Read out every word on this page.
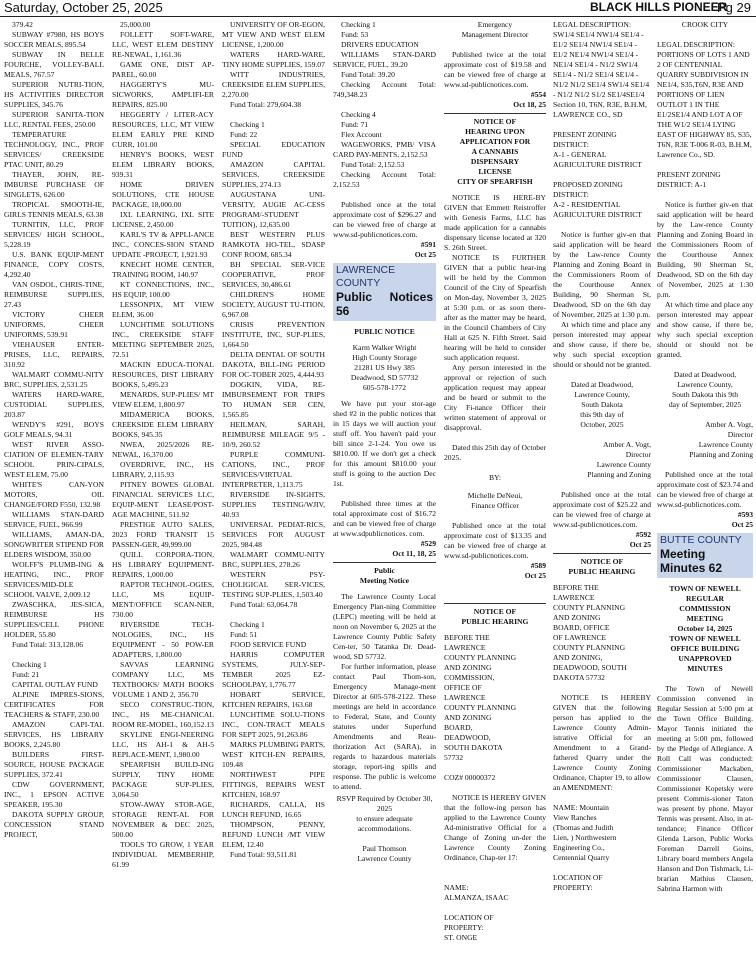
Saturday, October 25, 2025	BLACK HILLS PIONEER
Pg 29

379.42

SUBWAY #7980, HS BOYS SOCCER MEALS, 895.54

SUBWAY IN BELLE FOURCHE, VOLLEY-BALL MEALS, 767.57

SUPERIOR NUTRI-TION, HS ACTIVITIES DIRECTOR SUPPLIES, 345.76

SUPERIOR SANITA-TION LLC, RENTAL FEES, 250.00

TEMPERATURE TECHNOLOGY, INC., PROF SERVICES/ CREEKSIDE PTAC UNIT, 80.29

THAYER, JOHN, RE-IMBURSE PURCHASE OF SINGLETS, 626.00

TROPICAL SMOOTH-IE, GIRLS TENNIS MEALS, 63.38

TURNITIN, LLC, PROF SERVICES/ HIGH SCHOOL, 5,228.19

U.S. BANK EQUIP-MENT FINANCE, COPY COSTS, 4,292.40

VAN OSDOL, CHRIS-TINE, REIMBURSE SUPPLIES, 27.43

VICTORY CHEER UNIFORMS, CHEER UNIFORMS, 539.91

VIEHAUSER ENTER-PRISES, LLC, REPAIRS, 310.92

WALMART COMMU-NITY BRC, SUPPLIES, 2,531.25

WATERS HARD-WARE, CUSTODIAL SUPPLIES, 203.87

WENDY'S #291, BOYS GOLF MEALS, 94.31

WEST RIVER ASSO-CIATION OF ELEMEN-TARY SCHOOL PRIN-CIPALS, WEST ELEM, 75.00

WHITE'S CAN-YON MOTORS, OIL CHANGE/FORD F550, 132.98

WILLIAMS STAN-DARD SERVICE, FUEL, 966.99

WILLIAMS, AMAN-DA, SONGWRITER STIPEND FOR ELDERS WISDOM, 350.00

WOLFF'S PLUMB-ING & HEATING, INC., PROF SERVICES/MID-DLE SCHOOL VALVE, 2,009.12

ZWASCHKA, JES-SICA, REIMBURSE HS SUPPLIES/CELL PHONE HOLDER, 55.80

Fund Total: 313,128.06

Checking 1

Fund: 21

CAPITAL OUTLAY FUND

ALPINE IMPRES-SIONS, CERTIFICATES FOR TEACHERS & STAFF, 230.00

AMAZON CAPI-TAL SERVICES, HS LIBRARY BOOKS, 2,245.80

BUILDERS FIRST-SOURCE, HOUSE PACKAGE SUPPLIES, 372.41

CDW GOVERNMENT, INC., 1 EPSON ACTIVE SPEAKER, 195.30

DAKOTA SUPPLY GROUP, CONCESSION STAND PROJECT,

25,000.00

FOLLETT SOFT-WARE, LLC, WEST ELEM DESTINY RE-NEWAL, 1,161.36

GAME ONE, DIST AP-PAREL, 60.00

HAGGERTY'S MU-SICWORKS, AMPLIFI-ER REPAIRS, 825.00

HEGGERTY / LITER-ACY RESOURCES, LLC, MT VIEW ELEM EARLY PRE KIND CURR, 101.00

HENRY'S BOOKS, WEST ELEM LIBRARY BOOKS, 939.31

HOME DRIVEN SOLUTIONS, CTE HOUSE PACKAGE, 18,000.00

IXL LEARNING, IXL SITE LICENSE, 2,450.00

KARL'S TV & APPLI-ANCE INC., CONCES-SION STAND UPDATE -PROJECT, 1,921.93

KNECHT HOME CENTER, TRAINING ROOM, 140.97

KT CONNECTIONS, INC., HS EQUIP, 100.00

LESSONPIX, MT VIEW ELEM, 36.00

LUNCHTIME SOLUTIONS INC., CREEKSIDE STAFF MEETING SEPTEMBER 2025, 72.51

MACKIN EDUCA-TIONAL RESOURCES, DIST LIBRARY BOOKS, 5,495.23

MENARDS, SUP-PLIES/ MT VIEW ELEM, 1,800.97

MIDAMERICA BOOKS, CREEKSIDE ELEM LIBRARY BOOKS, 945.35

NWEA, 2025/2026 RE-NEWAL, 16,370.00

OVERDRIVE, INC., HS LIBRARY, 2,115.93

PITNEY BOWES GLOBAL FINANCIAL SERVICES LLC, EQUIP-MENT LEASE/POST-AGE MACHINE, 511.92

PRESTIGE AUTO SALES, 2023 FORD TRANSIT 15 PASSEN-GER, 49,999.00

QUILL CORPORA-TION, HS LIBRARY EQUIPMENT-REPAIRS, 1,000.00

RAPTOR TECHNOL-OGIES, LLC, MS EQUIP-MENT/OFFICE SCAN-NER, 730.00

RIVERSIDE TECH-NOLOGIES, INC., HS EQUIPMENT - 50 POW-ER ADAPTERS, 1,800.00

SAVVAS LEARNING COMPANY LLC, MS TEXTBOOKS/ MATH BOOKS VOLUME 1 AND 2, 356.70

SECO CONSTRUC-TION, INC., HS ME-CHANICAL ROOM RE-MODEL, 160,152.13

SKYLINE ENGI-NEERING LLC, HS AH-1 & AH-5 REPLACE-MENT, 1,980.00

SPEARFISH BUILD-ING SUPPLY, TINY HOME PACKAGE SUP-PLIES, 3,064.50

STOW-AWAY STOR-AGE, STORAGE RENT-AL FOR NOVEMBER & DEC 2025, 500.00

TOOLS TO GROW, 1 YEAR INDIVIDUAL MEMBERHIP, 61.99

UNIVERSITY OF OR-EGON, MT VIEW AND WEST ELEM LICENSE, 1,200.00

WATERS HARD-WARE, TINY HOME SUPPLIES, 159.07

WITT INDUSTRIES, CREEKSIDE ELEM SUPPLIES, 2,270.00

Fund Total: 279,604.38

Checking 1

Fund: 22

SPECIAL EDUCATION FUND

AMAZON CAPITAL SERVICES, CREEKSIDE SUPPLIES, 274.13

AUGUSTANA UNI-VERSITY, AUGIE AC-CESS PROGRAM/-STUDENT TUITION), 12,635.00

BEST WESTERN PLUS RAMKOTA HO-TEL, SDASP CONF ROOM, 685.34

BH SPECIAL SER-VICE COOPERATIVE, PROF SERVICES, 30,486.61

CHILDREN'S HOME SOCIETY, AUGUST TU-ITION, 6,967.08

CRISIS PREVENTION INSTITUTE, INC, SUP-PLIES, 1,664.50

DELTA DENTAL OF SOUTH DAKOTA, BILL-ING PERIOD FOR OC-TOBER 2025, 4,444.93

DOGKIN, VIDA, RE-IMBURSEMENT FOR TRIPS TO HUMAN SER CEN, 1,565.85

HEILMAN, SARAH, REIMBURSE MILEAGE 9/5 - 10/9, 260.52

PURPLE COMMUNI-CATIONS, INC., PROF SERVICES/VIRTUAL INTERPRETER, 1,113.75

RIVERSIDE IN-SIGHTS, SUPPLIES TESTING/WJIV, 40.93

UNIVERSAL PEDIAT-RICS, SERVICES FOR AUGUST 2025, 984.48

WALMART COMMU-NITY BRC, SUPPLIES, 278.26

WESTERN PSY-CHOLIGICAL SER-VICES, TESTING SUP-PLIES, 1,503.40

Fund Total: 63,064.78

Checking 1

Fund: 51

FOOD SERVICE FUND

HARRIS COMPUTER SYSTEMS, JULY-SEP-TEMBER 2025 EZ-SCHOOLPAY, 1,776.77

HOBART SERVICE, KITCHEN REPAIRS, 163.68

LUNCHTIME SOLU-TIONS INC., CON-TRACT MEALS FOR SEPT 2025, 91,263.86

MARKS PLUMBING PARTS, WEST KITCH-EN REPAIRS, 109.48

NORTHWEST PIPE FITTINGS, REPAIRS WEST KITCHEN, 168.97

RICHARDS, CALLA, HS LUNCH REFUND, 16.65

THOMPSON, PENNY, REFUND LUNCH /MT VIEW ELEM, 12.40

Fund Total: 93,511.81

Checking 1

Fund: 53

DRIVERS EDUCATION

WILLIAMS STAN-DARD SERVICE, FUEL, 39.20

Fund Total: 39.20

Checking Account Total: 749,348.23

Checking 4

Fund: 71

Flex Account

WAGEWORKS, PMB/ VISA CARD PAY-MENTS, 2,152.53

Fund Total: 2,152.53

Checking Account Total: 2,152.53

Published once at the total approximate cost of $296.27 and can be viewed free of charge at www.sd-publicnotices.com.

#591

Oct 25

LAWRENCE COUNTY
Public Notices 56

PUBLIC NOTICE

Karm Walker Wright
High County Storage
21281 US Hwy 385
Deadwood, SD 57732
605-578-1772

We have put your stor-age shed #2 in the public notices that in 15 days we will auction your stuff off. You haven't paid your bill since 2-1-24. You owe us $810.00. If we don't get a check for this amount $810.00 your stuff is going to the auction Dec 1st.

Published three times at the total approximate cost of $16.72 and can be viewed free of charge at www.sdpublicnotices. com.

#529

Oct 11, 18, 25

Public
Meeting Notice

The Lawrence County Local Emergency Plan-ning Committee (LEPC) meeting will be held at noon on November 6, 2025 at the Lawrence County Public Safety Cen-ter, 50 Tatanka Dr. Dead-wood, SD 57732.

For further information, please contact Paul Thom-son, Emergency Manage-ment Director at 605-578-2122. These meetings are held in accordance to Federal, State, and County statutes under Superfund Amendments and Reau-thorization Act (SARA), in regards to hazardous materials storage, report-ing spills and response. The public is welcome to attend.

RSVP Required by October 30, 2025
to ensure adequate accommodations.

Paul Thomson
Lawrence County

Emergency
Management Director

Published twice at the total approximate cost of $19.58 and can be viewed free of charge at www.sd-publicnotices.com.

#554

Oct 18, 25

NOTICE OF
HEARING UPON
APPLICATION FOR
A CANNABIS
DISPENSARY
LICENSE
CITY OF SPEARFISH

NOTICE IS HERE-BY GIVEN that Emmett Reistroffer with Genesis Farms, LLC has made application for a cannabis dispensary license located at 320 S. 26th Street.

NOTICE IS FURTHER GIVEN that a public hear-ing will be held by the Common Council of the City of Spearfish on Mon-day, November 3, 2025 at 5:30 p.m. or as soon there-after as the matter may be heard, in the Council Chambers of City Hall at 625 N. Fifth Street. Said hearing will be held to consider such application request.

Any person interested in the approval or rejection of such application request may appear and be heard or submit to the City Fi-nance Officer their written statement of approval or disapproval.

Dated this 25th day of October 2025.

BY:

Michelle DeNeui,
Finance Officer

Published once at the total approximate cost of $13.35 and can be viewed free of charge at www.sd-publicnotices.com.

#589

Oct 25

NOTICE OF
PUBLIC HEARING

BEFORE THE
LAWRENCE
COUNTY PLANNING
AND ZONING
COMMISSION,
OFFICE OF
LAWRENCE
COUNTY PLANNING
AND ZONING
BOARD,
DEADWOOD,
SOUTH DAKOTA
57732

COZ# 00000372

NOTICE IS HEREBY GIVEN that the follow-ing person has applied to the Lawrence County Ad-ministrative Official for a Change of Zoning un-der the Lawrence County Zoning Ordinance, Chap-ter 17:

NAME:
ALMANZA, ISAAC

LOCATION OF
PROPERTY:
ST. ONGE

LEGAL DESCRIPTION: SW1/4 SE1/4 NW1/4 SE1/4 - E1/2 SE1/4 NW1/4 SE1/4 - E1/2 NE1/4 NW1/4 SE1/4 - NE1/4 SE1/4 - N1/2 SW1/4 SE1/4 - N1/2 SE1/4 SE1/4 - N1/2 N1/2 SE1/4 SW1/4 SE1/4 - N1/2 N1/2 S1/2 SE1/4SE1/4 Section 10, T6N, R3E, B.H.M, LAWRENCE CO., SD

PRESENT ZONING DISTRICT:
A-1 - GENERAL AGRICULTURE DISTRICT

PROPOSED ZONING DISTRICT:
A-2 - RESIDENTIAL AGRICULTURE DISTRICT

Notice is further giv-en that said application will be heard by the Law-rence County Planning and Zoning Board in the Commissioners Room of the Courthouse Annex Building, 90 Sherman St, Deadwood, SD on the 6th day of November, 2025 at 1:30 p.m.

At which time and place any person interested may appear and show cause, if there be, why such special exception should or should not be granted.

Dated at Deadwood,
Lawrence County,
South Dakota
this 9th day of
October, 2025

Amber A. Vogt,
Director
Lawrence County
Planning and Zoning

Published once at the total approximate cost of $25.22 and can be viewed free of charge at www.sd-publicnotices.com.

#592

Oct 25

NOTICE OF
PUBLIC HEARING

BEFORE THE
LAWRENCE
COUNTY PLANNING
AND ZONING
BOARD, OFFICE
OF LAWRENCE
COUNTY PLANNING
AND ZONING,
DEADWOOD, SOUTH
DAKOTA 57732

NOTICE IS HEREBY GIVEN that the following person has applied to the Lawrence County Admin-istrative Official for an Amendment to a Grand-fathered Quarry under the Lawrence County Zoning Ordinance, Chapter 19, to allow an AMENDMENT:

NAME: Mountain
View Ranches
(Thomas and Judith
Lien, ) Northwestern
Engineering Co.,
Centennial Quarry

LOCATION OF
PROPERTY:

CROOK CITY

LEGAL DESCRIPTION: PORTIONS OF LOTS 1 AND 2 OF CENTENNIAL QUARRY SUBDIVISION IN NE1/4, S35,T6N, R3E AND PORTIONS OF LIEN OUTLOT 1 IN THE E1/2SE1/4 AND LOT A OF THE W1/2 SE1/4 LYING EAST OF HIGHWAY 85, S35, T6N, R3E T-006 R-03, B.H.M, Lawrence Co., SD.

PRESENT ZONING DISTRICT: A-1

Notice is further giv-en that said application will be heard by the Law-rence County Planning and Zoning Board in the Commissioners Room of the Courthouse Annex Building, 90 Sherman St, Deadwood, SD on the 6th day of November, 2025 at 1:30 p.m.

At which time and place any person interested may appear and show cause, if there be, why such special exception should or should not be granted.

Dated at Deadwood,
Lawrence County,
South Dakota this 9th
day of September, 2025

Amber A. Vogt,
Director
Lawrence County
Planning and Zoning

Published once at the total approximate cost of $23.74 and can be viewed free of charge at www.sd-publicnotices.com.

#593

Oct 25

BUTTE COUNTY
Meeting Minutes 62

TOWN OF NEWELL
REGULAR
COMMISSION
MEETING
October 14, 2025
TOWN OF NEWELL
OFFICE BUILDING
UNAPPROVED
MINUTES

The Town of Newell Commission convened in Regular Session at 5:00 pm at the Town Office Building. Mayor Tennis initiated the meeting at 5:00 pm, followed by the Pledge of Allegiance. A Roll Call was conducted: Commissioner Mackaben, Commissioner Clausen, Commissioner Kopetsky were present Commis-sioner Taton was present by phone. Mayor Tennis was present. Also, in at-tendance; Finance Officer Glenda Larson, Public Works Foreman Darrell Goins, Library board members Angela Hanson and Don Tishmack, Li-brarian Mathius Clausen, Sabrina Harmon with
